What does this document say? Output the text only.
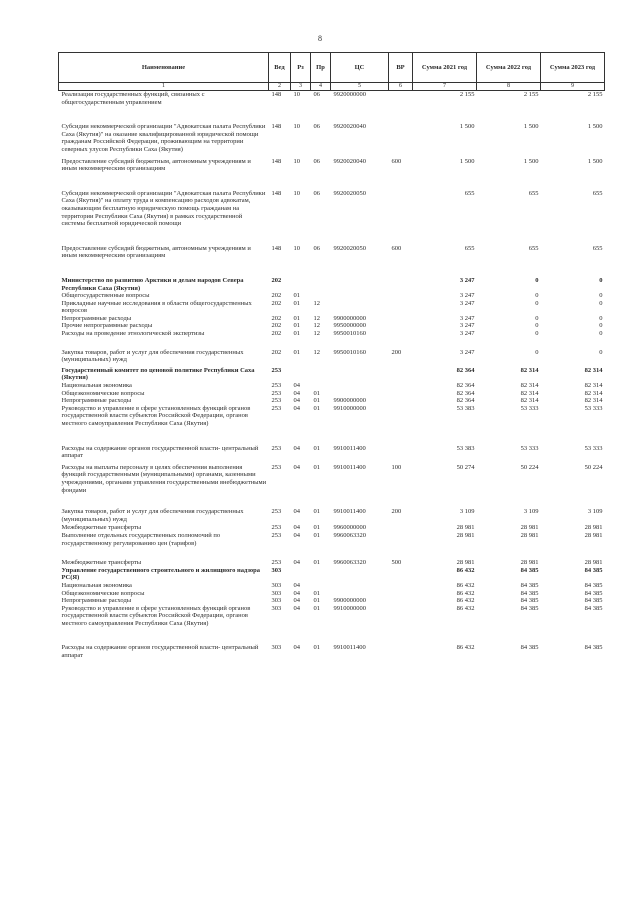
8
Наименование	Вед	Рз	Пр	ЦС	ВР	Сумма 2021 год	Сумма 2022 год	Сумма 2023 год
1	2	3	4	5	6	7	8	9
Реализация государственных функций, связанных с общегосударственным управлением	148	10	06	9920000000		2 155	2 155	2 155
Субсидии некоммерческой организации "Адвокатская палата Республики Саха (Якутия)" на оказание квалифицированной юридической помощи гражданам Российской Федерации, проживающим на территории северных улусов Республики Саха (Якутия)	148	10	06	9920020040		1 500	1 500	1 500
Предоставление субсидий бюджетным, автономным учреждениям и иным некоммерческим организациям	148	10	06	9920020040	600	1 500	1 500	1 500
Субсидии некоммерческой организации "Адвокатская палата Республики Саха (Якутия)" на оплату труда и компенсацию расходов адвокатам, оказывающим бесплатную юридическую помощь гражданам на территории Республики Саха (Якутия) в рамках государственной системы бесплатной юридической помощи	148	10	06	9920020050		655	655	655
Предоставление субсидий бюджетным, автономным учреждениям и иным некоммерческим организациям	148	10	06	9920020050	600	655	655	655
Министерство по развитию Арктики и делам народов Севера Республики Саха (Якутия)	202					3 247	0	0
Общегосударственные вопросы	202	01				3 247	0	0
Прикладные научные исследования в области общегосударственных вопросов	202	01	12			3 247	0	0
Непрограммные расходы	202	01	12	9900000000		3 247	0	0
Прочие непрограммные расходы	202	01	12	9950000000		3 247	0	0
Расходы на проведение этнологической экспертизы	202	01	12	9950010160		3 247	0	0
Закупка товаров, работ и услуг для обеспечения государственных (муниципальных) нужд	202	01	12	9950010160	200	3 247	0	0
Государственный комитет по ценовой политике Республики Саха (Якутия)	253					82 364	82 314	82 314
Национальная экономика	253	04				82 364	82 314	82 314
Общеэкономические вопросы	253	04	01			82 364	82 314	82 314
Непрограммные расходы	253	04	01	9900000000		82 364	82 314	82 314
Руководство и управление в сфере установленных функций органов государственной власти субъектов Российской Федерации, органов местного самоуправления Республики Саха (Якутия)	253	04	01	9910000000		53 383	53 333	53 333
Расходы на содержание органов государственной власти- центральный аппарат	253	04	01	9910011400		53 383	53 333	53 333
Расходы на выплаты персоналу в целях обеспечения выполнения функций государственными (муниципальными) органами, казенными учреждениями, органами управления государственными внебюджетными фондами	253	04	01	9910011400	100	50 274	50 224	50 224
Закупка товаров, работ и услуг для обеспечения государственных (муниципальных) нужд	253	04	01	9910011400	200	3 109	3 109	3 109
Межбюджетные трансферты	253	04	01	9960000000		28 981	28 981	28 981
Выполнение отдельных государственных полномочий по государственному регулированию цен (тарифов)	253	04	01	9960063320		28 981	28 981	28 981
Межбюджетные трансферты	253	04	01	9960063320	500	28 981	28 981	28 981
Управление государственного строительного и жилищного надзора РС(Я)	303					86 432	84 385	84 385
Национальная экономика	303	04				86 432	84 385	84 385
Общеэкономические вопросы	303	04	01			86 432	84 385	84 385
Непрограммные расходы	303	04	01	9900000000		86 432	84 385	84 385
Руководство и управление в сфере установленных функций органов государственной власти субъектов Российской Федерации, органов местного самоуправления Республики Саха (Якутия)	303	04	01	9910000000		86 432	84 385	84 385
Расходы на содержание органов государственной власти- центральный аппарат	303	04	01	9910011400		86 432	84 385	84 385
